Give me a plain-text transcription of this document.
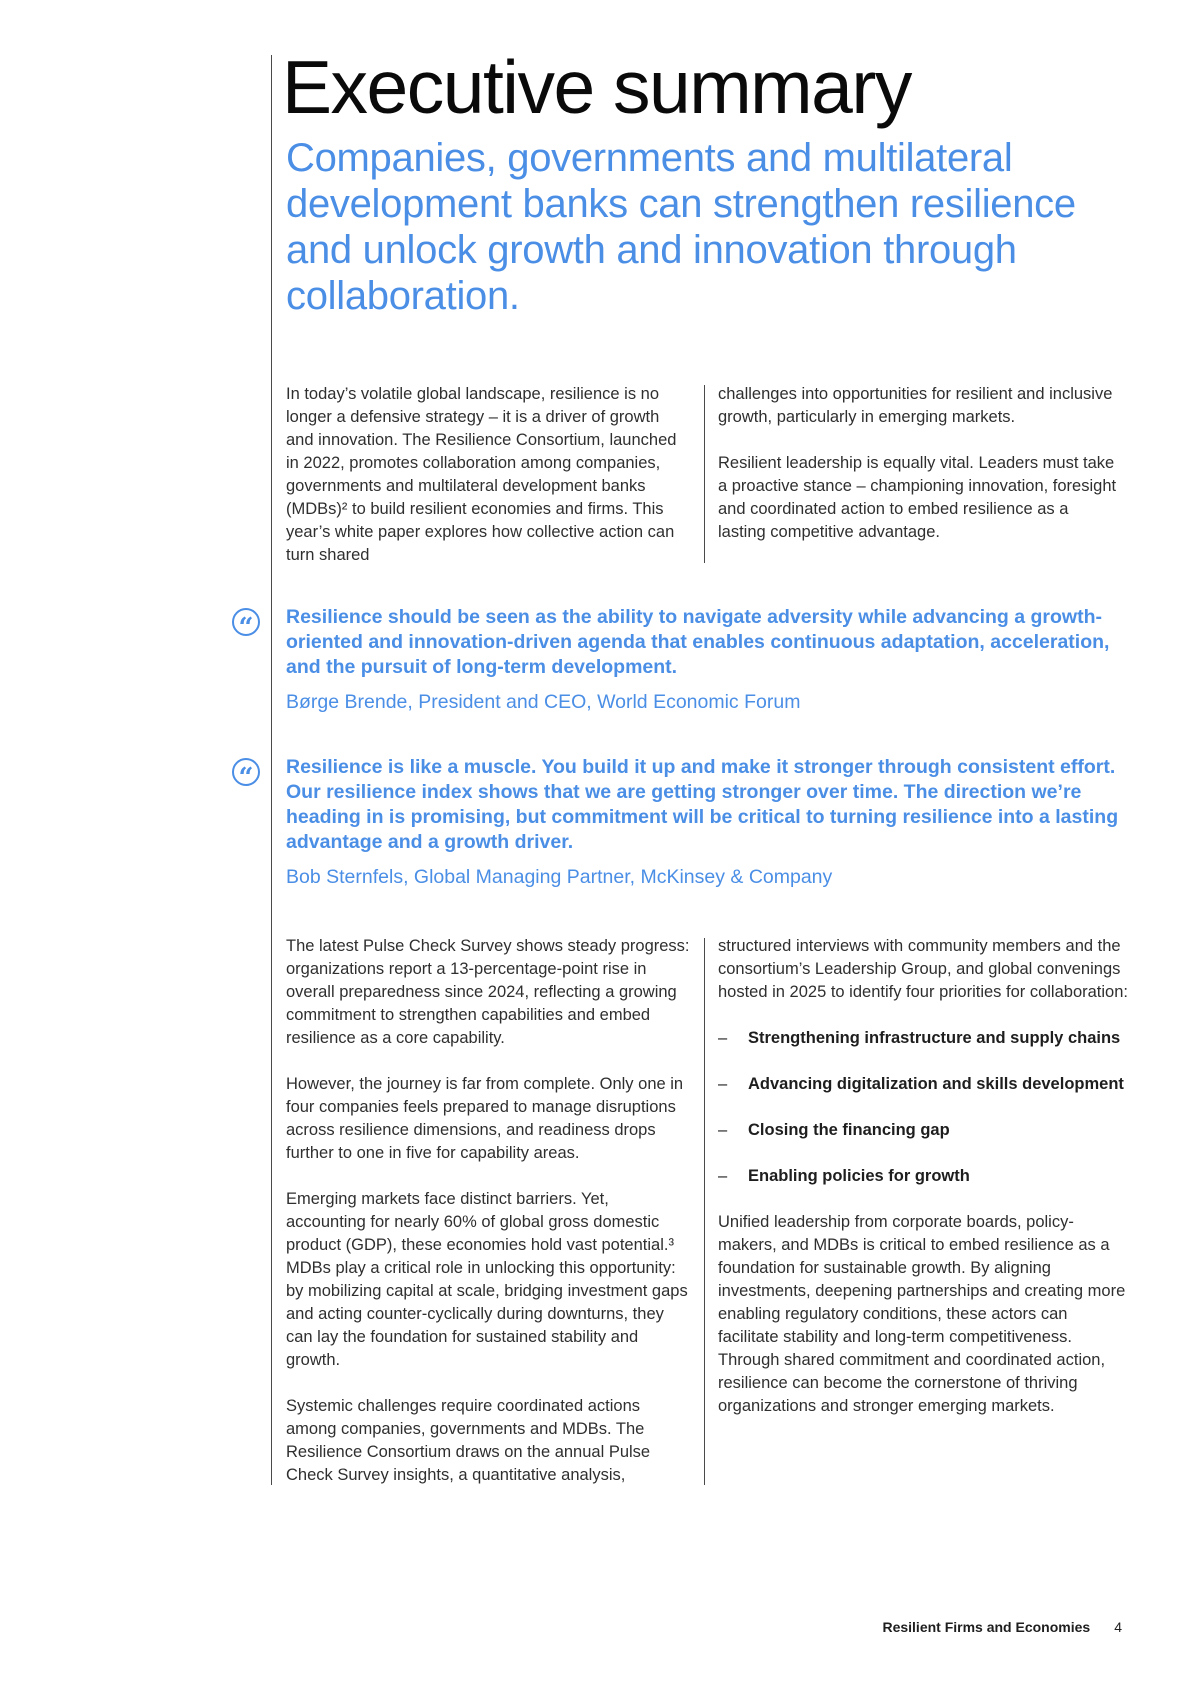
Executive summary
Companies, governments and multilateral development banks can strengthen resilience and unlock growth and innovation through collaboration.

In today’s volatile global landscape, resilience is no longer a defensive strategy – it is a driver of growth and innovation. The Resilience Consortium, launched in 2022, promotes collaboration among companies, governments and multilateral development banks (MDBs)² to build resilient economies and firms. This year’s white paper explores how collective action can turn shared

challenges into opportunities for resilient and inclusive growth, particularly in emerging markets.

Resilient leadership is equally vital. Leaders must take a proactive stance – championing innovation, foresight and coordinated action to embed resilience as a lasting competitive advantage.

“	Resilience should be seen as the ability to navigate adversity while advancing a growth-oriented and innovation-driven agenda that enables continuous adaptation, acceleration, and the pursuit of long-term development.
Børge Brende, President and CEO, World Economic Forum
“	Resilience is like a muscle. You build it up and make it stronger through consistent effort. Our resilience index shows that we are getting stronger over time. The direction we’re heading in is promising, but commitment will be critical to turning resilience into a lasting advantage and a growth driver.
Bob Sternfels, Global Managing Partner, McKinsey & Company

The latest Pulse Check Survey shows steady progress: organizations report a 13-percentage-point rise in overall preparedness since 2024, reflecting a growing commitment to strengthen capabilities and embed resilience as a core capability.

However, the journey is far from complete. Only one in four companies feels prepared to manage disruptions across resilience dimensions, and readiness drops further to one in five for capability areas.

Emerging markets face distinct barriers. Yet, accounting for nearly 60% of global gross domestic product (GDP), these economies hold vast potential.³ MDBs play a critical role in unlocking this opportunity: by mobilizing capital at scale, bridging investment gaps and acting counter-cyclically during downturns, they can lay the foundation for sustained stability and growth.

Systemic challenges require coordinated actions among companies, governments and MDBs. The Resilience Consortium draws on the annual Pulse Check Survey insights, a quantitative analysis,

structured interviews with community members and the consortium’s Leadership Group, and global convenings hosted in 2025 to identify four priorities for collaboration:

– Strengthening infrastructure and supply chains
– Advancing digitalization and skills development
– Closing the financing gap
– Enabling policies for growth

Unified leadership from corporate boards, policy-makers, and MDBs is critical to embed resilience as a foundation for sustainable growth. By aligning investments, deepening partnerships and creating more enabling regulatory conditions, these actors can facilitate stability and long-term competitiveness. Through shared commitment and coordinated action, resilience can become the cornerstone of thriving organizations and stronger emerging markets.

Resilient Firms and Economies 4
